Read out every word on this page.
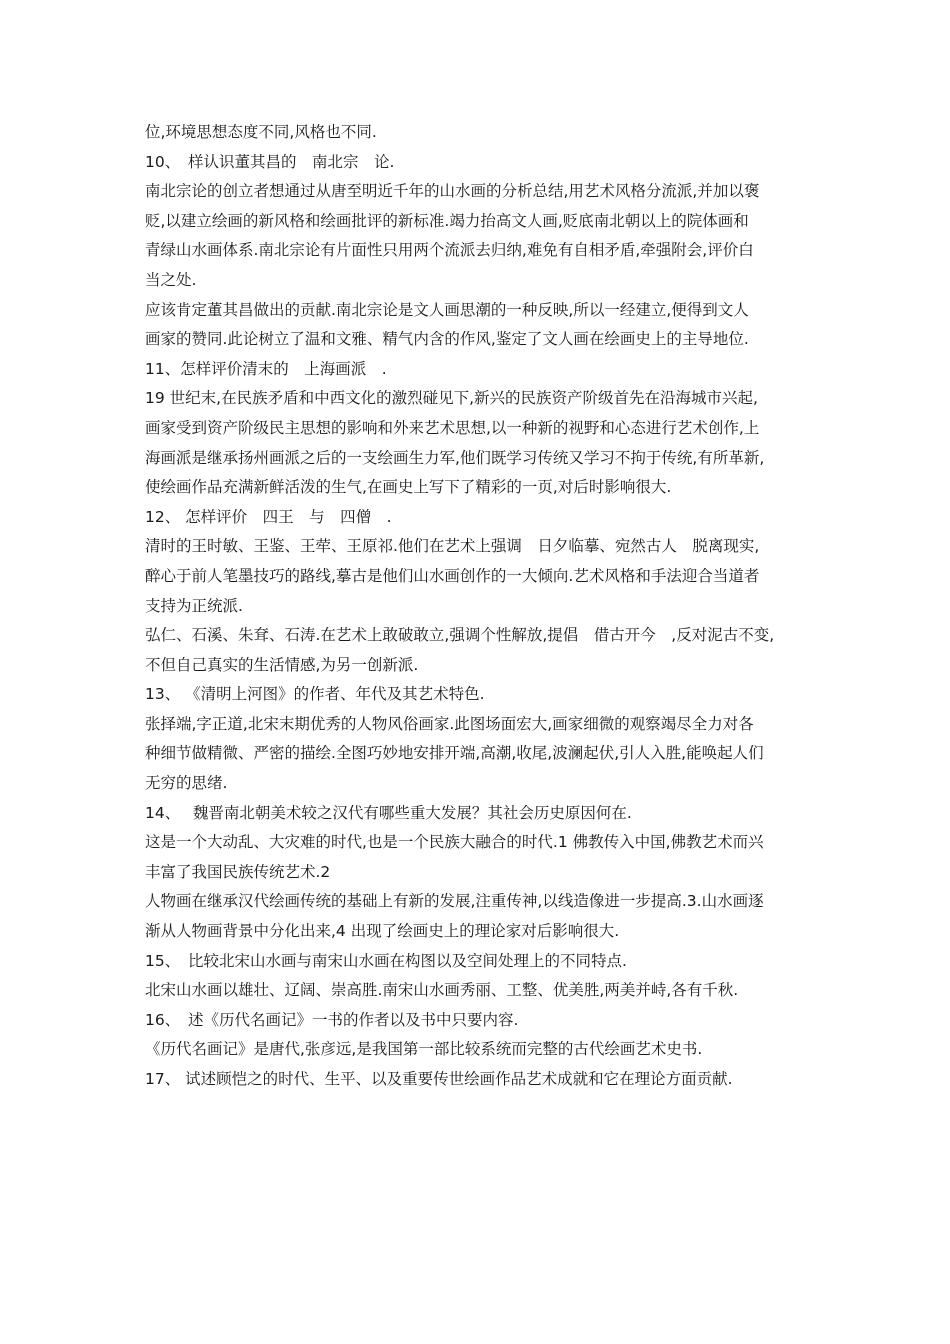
位,环境思想态度不同,风格也不同.
10、　样认识董其昌的　南北宗　论.
南北宗论的创立者想通过从唐至明近千年的山水画的分析总结,用艺术风格分流派,并加以褒
贬,以建立绘画的新风格和绘画批评的新标准.竭力抬高文人画,贬底南北朝以上的院体画和
青绿山水画体系.南北宗论有片面性只用两个流派去归纳,难免有自相矛盾,牵强附会,评价白
当之处.
应该肯定董其昌做出的贡献.南北宗论是文人画思潮的一种反映,所以一经建立,便得到文人
画家的赞同.此论树立了温和文雅、精气内含的作风,鉴定了文人画在绘画史上的主导地位.
11、怎样评价清末的　上海画派　.
19 世纪末,在民族矛盾和中西文化的激烈碰见下,新兴的民族资产阶级首先在沿海城市兴起,
画家受到资产阶级民主思想的影响和外来艺术思想,以一种新的视野和心态进行艺术创作,上
海画派是继承扬州画派之后的一支绘画生力军,他们既学习传统又学习不拘于传统,有所革新,
使绘画作品充满新鲜活泼的生气,在画史上写下了精彩的一页,对后时影响很大.
12、 怎样评价　四王　与　四僧　.
清时的王时敏、王鉴、王荦、王原祁.他们在艺术上强调　日夕临摹、宛然古人　脱离现实,
醉心于前人笔墨技巧的路线,摹古是他们山水画创作的一大倾向.艺术风格和手法迎合当道者
支持为正统派.
弘仁、石溪、朱耷、石涛.在艺术上敢破敢立,强调个性解放,提倡　借古开今　,反对泥古不变,
不但自己真实的生活情感,为另一创新派.
13、 《清明上河图》的作者、年代及其艺术特色.
张择端,字正道,北宋末期优秀的人物风俗画家.此图场面宏大,画家细微的观察竭尽全力对各
种细节做精微、严密的描绘.全图巧妙地安排开端,高潮,收尾,波澜起伏,引人入胜,能唤起人们
无穷的思绪.
14、　 魏晋南北朝美术较之汉代有哪些重大发展？其社会历史原因何在.
这是一个大动乱、大灾难的时代,也是一个民族大融合的时代.1 佛教传入中国,佛教艺术而兴
丰富了我国民族传统艺术.2
人物画在继承汉代绘画传统的基础上有新的发展,注重传神,以线造像进一步提高.3.山水画逐
渐从人物画背景中分化出来,4 出现了绘画史上的理论家对后影响很大.
15、　比较北宋山水画与南宋山水画在构图以及空间处理上的不同特点.
北宋山水画以雄壮、辽阔、崇高胜.南宋山水画秀丽、工整、优美胜,两美并峙,各有千秋.
16、　述《历代名画记》一书的作者以及书中只要内容.
《历代名画记》是唐代,张彦远,是我国第一部比较系统而完整的古代绘画艺术史书.
17、 试述顾恺之的时代、生平、以及重要传世绘画作品艺术成就和它在理论方面贡献.
